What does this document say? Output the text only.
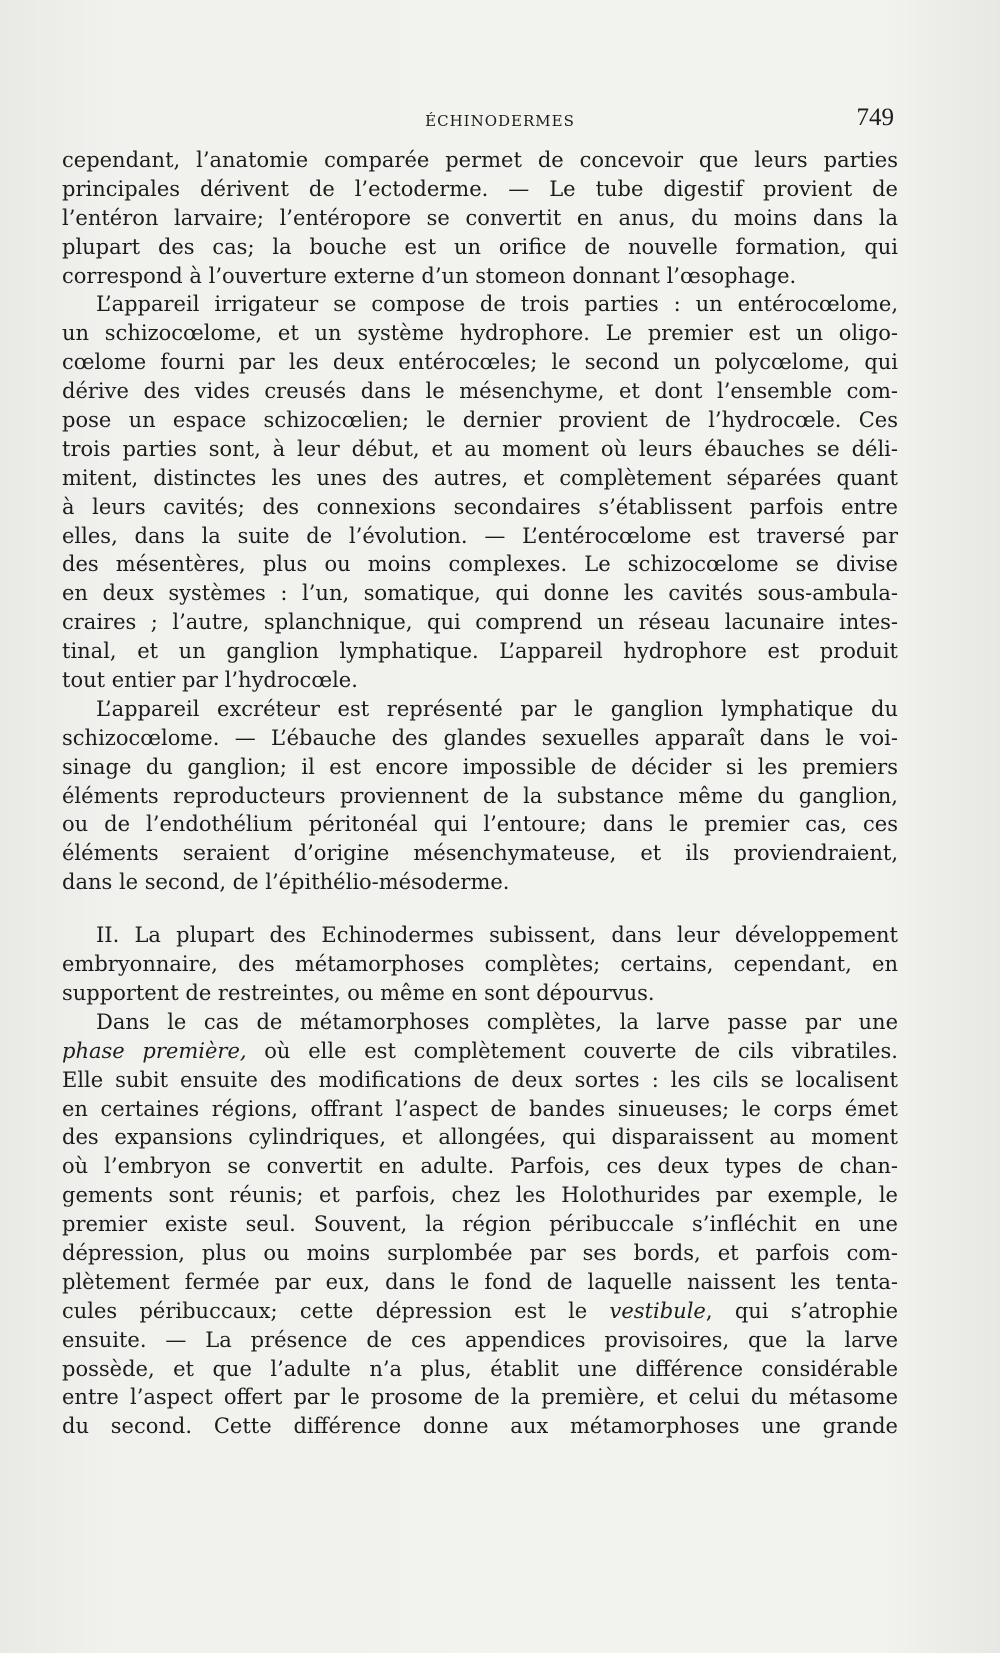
ÉCHINODERMES	749
cependant, l’anatomie comparée permet de concevoir que leurs parties
principales dérivent de l’ectoderme. — Le tube digestif provient de
l’entéron larvaire; l’entéropore se convertit en anus, du moins dans la
plupart des cas; la bouche est un orifice de nouvelle formation, qui
correspond à l’ouverture externe d’un stomeon donnant l’œsophage.
L’appareil irrigateur se compose de trois parties : un entérocœlome,
un schizocœlome, et un système hydrophore. Le premier est un oligo-
cœlome fourni par les deux entérocœles; le second un polycœlome, qui
dérive des vides creusés dans le mésenchyme, et dont l’ensemble com-
pose un espace schizocœlien; le dernier provient de l’hydrocœle. Ces
trois parties sont, à leur début, et au moment où leurs ébauches se déli-
mitent, distinctes les unes des autres, et complètement séparées quant
à leurs cavités; des connexions secondaires s’établissent parfois entre
elles, dans la suite de l’évolution. — L’entérocœlome est traversé par
des mésentères, plus ou moins complexes. Le schizocœlome se divise
en deux systèmes : l’un, somatique, qui donne les cavités sous-ambula-
craires ; l’autre, splanchnique, qui comprend un réseau lacunaire intes-
tinal, et un ganglion lymphatique. L’appareil hydrophore est produit
tout entier par l’hydrocœle.
L’appareil excréteur est représenté par le ganglion lymphatique du
schizocœlome. — L’ébauche des glandes sexuelles apparaît dans le voi-
sinage du ganglion; il est encore impossible de décider si les premiers
éléments reproducteurs proviennent de la substance même du ganglion,
ou de l’endothélium péritonéal qui l’entoure; dans le premier cas, ces
éléments seraient d’origine mésenchymateuse, et ils proviendraient,
dans le second, de l’épithélio-mésoderme.
II. La plupart des Echinodermes subissent, dans leur développement
embryonnaire, des métamorphoses complètes; certains, cependant, en
supportent de restreintes, ou même en sont dépourvus.
Dans le cas de métamorphoses complètes, la larve passe par une
phase première, où elle est complètement couverte de cils vibratiles.
Elle subit ensuite des modifications de deux sortes : les cils se localisent
en certaines régions, offrant l’aspect de bandes sinueuses; le corps émet
des expansions cylindriques, et allongées, qui disparaissent au moment
où l’embryon se convertit en adulte. Parfois, ces deux types de chan-
gements sont réunis; et parfois, chez les Holothurides par exemple, le
premier existe seul. Souvent, la région péribuccale s’infléchit en une
dépression, plus ou moins surplombée par ses bords, et parfois com-
plètement fermée par eux, dans le fond de laquelle naissent les tenta-
cules péribuccaux; cette dépression est le vestibule, qui s’atrophie
ensuite. — La présence de ces appendices provisoires, que la larve
possède, et que l’adulte n’a plus, établit une différence considérable
entre l’aspect offert par le prosome de la première, et celui du métasome
du second. Cette différence donne aux métamorphoses une grande
